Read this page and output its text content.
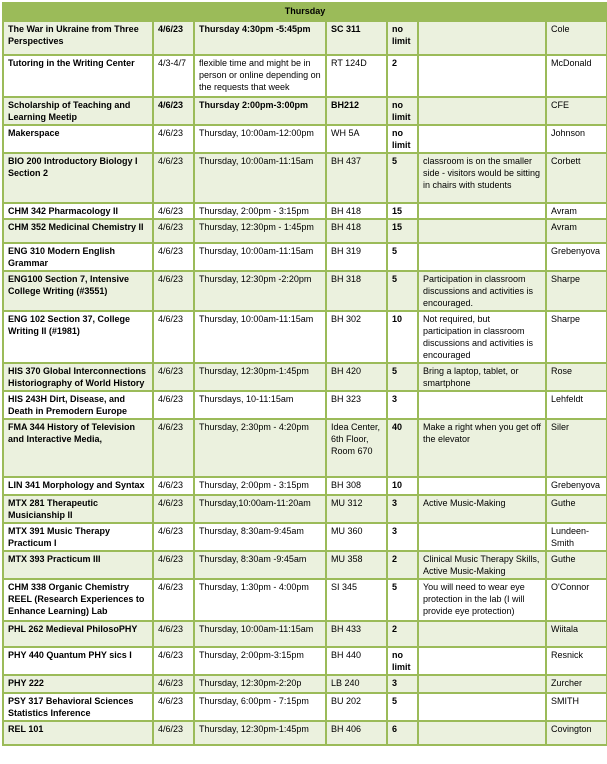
Thursday						
The War in Ukraine from Three Perspectives	4/6/23	Thursday 4:30pm -5:45pm	SC 311	no limit		Cole
Tutoring in the Writing Center	4/3-4/7	flexible time and might be in person or online depending on the requests that week	RT 124D	2		McDonald
Scholarship of Teaching and Learning Meetip	4/6/23	Thursday 2:00pm-3:00pm	BH212	no limit		CFE
Makerspace	4/6/23	Thursday, 10:00am-12:00pm	WH 5A	no limit		Johnson
BIO 200 Introductory Biology I Section 2	4/6/23	Thursday, 10:00am-11:15am	BH 437	5	classroom is on the smaller side - visitors would be sitting in chairs with students	Corbett
CHM 342 Pharmacology II	4/6/23	Thursday, 2:00pm - 3:15pm	BH 418	15		Avram
CHM 352 Medicinal Chemistry II	4/6/23	Thursday, 12:30pm - 1:45pm	BH 418	15		Avram
ENG 310 Modern English Grammar	4/6/23	Thursday, 10:00am-11:15am	BH 319	5		Grebenyova
ENG100 Section 7, Intensive College Writing (#3551)	4/6/23	Thursday, 12:30pm -2:20pm	BH 318	5	Participation in classroom discussions and activities is encouraged.	Sharpe
ENG 102 Section 37, College Writing II (#1981)	4/6/23	Thursday, 10:00am-11:15am	BH 302	10	Not required, but participation in classroom discussions and activities is encouraged	Sharpe
HIS 370 Global Interconnections Historiography of World History	4/6/23	Thursday, 12:30pm-1:45pm	BH 420	5	Bring a laptop, tablet, or smartphone	Rose
HIS 243H Dirt, Disease, and Death in Premodern Europe	4/6/23	Thursdays, 10-11:15am	BH 323	3		Lehfeldt
FMA 344 History of Television and Interactive Media,	4/6/23	Thursday, 2:30pm - 4:20pm	Idea Center, 6th Floor, Room 670	40	Make a right when you get off the elevator	Siler
LIN 341 Morphology and Syntax	4/6/23	Thursday, 2:00pm - 3:15pm	BH 308	10		Grebenyova
MTX 281 Therapeutic Musicianship II	4/6/23	Thursday,10:00am-11:20am	MU 312	3	Active Music-Making	Guthe
MTX 391 Music Therapy Practicum I	4/6/23	Thursday, 8:30am-9:45am	MU 360	3		Lundeen-Smith
MTX 393 Practicum III	4/6/23	Thursday, 8:30am -9:45am	MU 358	2	Clinical Music Therapy Skills, Active Music-Making	Guthe
CHM 338 Organic Chemistry REEL (Research Experiences to Enhance Learning) Lab	4/6/23	Thursday, 1:30pm - 4:00pm	SI 345	5	You will need to wear eye protection in the lab (I will provide eye protection)	O'Connor
PHL 262 Medieval PhilosoPHY	4/6/23	Thursday, 10:00am-11:15am	BH 433	2		Wiitala
PHY 440 Quantum PHY sics I	4/6/23	Thursday, 2:00pm-3:15pm	BH 440	no limit		Resnick
PHY 222	4/6/23	Thursday, 12:30pm-2:20p	LB 240	3		Zurcher
PSY 317 Behavioral Sciences Statistics Inference	4/6/23	Thursday, 6:00pm - 7:15pm	BU 202	5		SMITH
REL 101	4/6/23	Thursday, 12:30pm-1:45pm	BH 406	6		Covington
